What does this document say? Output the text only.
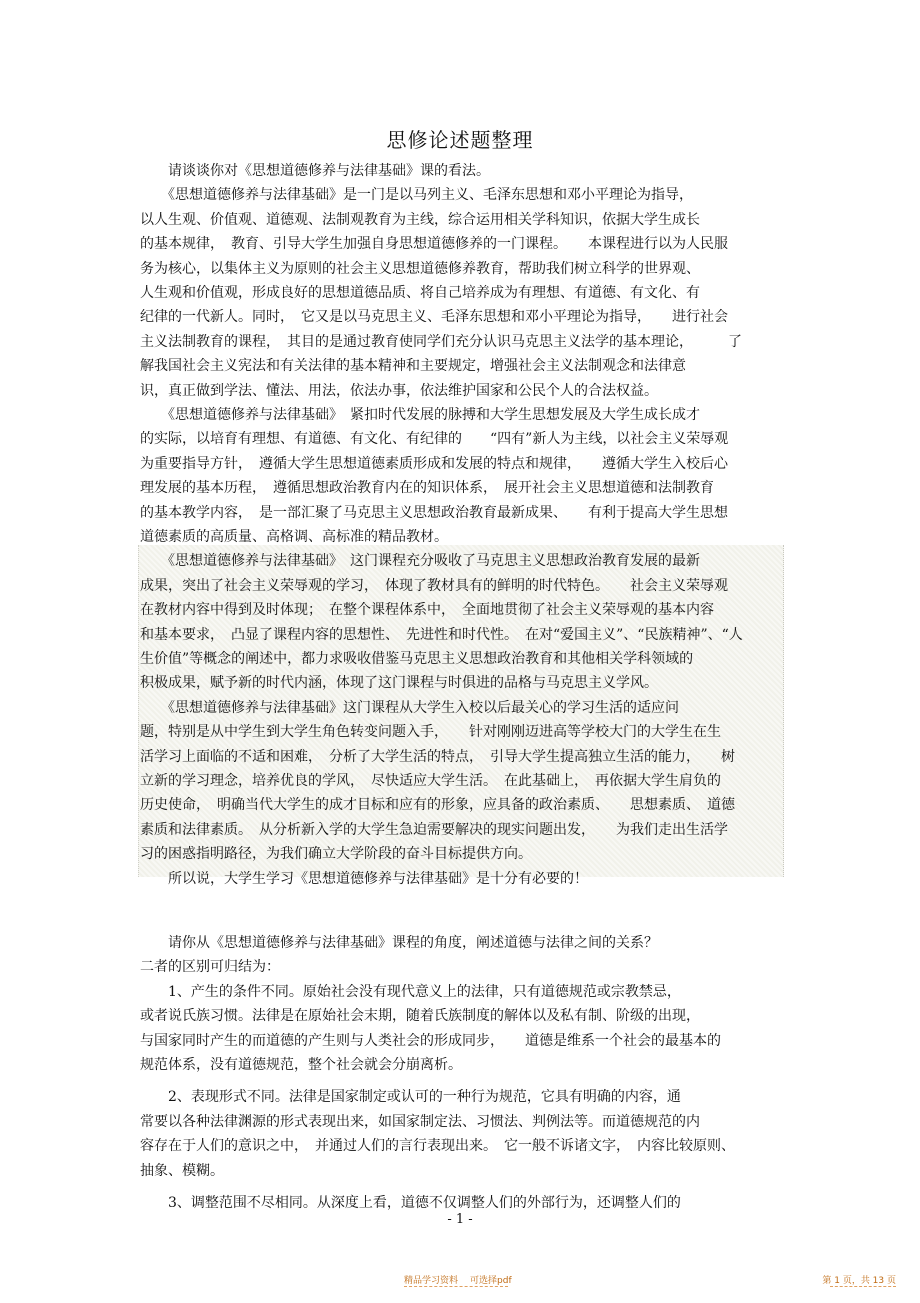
思修论述题整理
　　请谈谈你对《思想道德修养与法律基础》课的看法。
　　《思想道德修养与法律基础》是一门是以马列主义、毛泽东思想和邓小平理论为指导，
以人生观、价值观、道德观、法制观教育为主线，综合运用相关学科知识，依据大学生成长
的基本规律，　教育、引导大学生加强自身思想道德修养的一门课程。　　本课程进行以为人民服
务为核心，以集体主义为原则的社会主义思想道德修养教育，帮助我们树立科学的世界观、
人生观和价值观，形成良好的思想道德品质、将自己培养成为有理想、有道德、有文化、有
纪律的一代新人。同时，　它又是以马克思主义、毛泽东思想和邓小平理论为指导，　　进行社会
主义法制教育的课程，　其目的是通过教育使同学们充分认识马克思主义法学的基本理论，　　　了
解我国社会主义宪法和有关法律的基本精神和主要规定，增强社会主义法制观念和法律意
识，真正做到学法、懂法、用法，依法办事，依法维护国家和公民个人的合法权益。
　　《思想道德修养与法律基础》　紧扣时代发展的脉搏和大学生思想发展及大学生成长成才
的实际，以培育有理想、有道德、有文化、有纪律的　　“四有”新人为主线，以社会主义荣辱观
为重要指导方针，　遵循大学生思想道德素质形成和发展的特点和规律，　　遵循大学生入校后心
理发展的基本历程，　遵循思想政治教育内在的知识体系，　展开社会主义思想道德和法制教育
的基本教学内容，　是一部汇聚了马克思主义思想政治教育最新成果、　　有利于提高大学生思想
道德素质的高质量、高格调、高标准的精品教材。
　　《思想道德修养与法律基础》　这门课程充分吸收了马克思主义思想政治教育发展的最新
成果，突出了社会主义荣辱观的学习，　体现了教材具有的鲜明的时代特色。　　社会主义荣辱观
在教材内容中得到及时体现；　在整个课程体系中，　全面地贯彻了社会主义荣辱观的基本内容
和基本要求，　凸显了课程内容的思想性、　先进性和时代性。　在对“爱国主义”、“民族精神”、“人
生价值”等概念的阐述中，都力求吸收借鉴马克思主义思想政治教育和其他相关学科领域的
积极成果，赋予新的时代内涵，体现了这门课程与时俱进的品格与马克思主义学风。
　　《思想道德修养与法律基础》这门课程从大学生入校以后最关心的学习生活的适应问
题，特别是从中学生到大学生角色转变问题入手，　　针对刚刚迈进高等学校大门的大学生在生
活学习上面临的不适和困难，　分析了大学生活的特点，　引导大学生提高独立生活的能力，　　树
立新的学习理念，培养优良的学风，　尽快适应大学生活。　在此基础上，　再依据大学生肩负的
历史使命，　明确当代大学生的成才目标和应有的形象，应具备的政治素质、　　思想素质、　道德
素质和法律素质。　从分析新入学的大学生急迫需要解决的现实问题出发，　　为我们走出生活学
习的困惑指明路径，为我们确立大学阶段的奋斗目标提供方向。
　　所以说，大学生学习《思想道德修养与法律基础》是十分有必要的！
　　请你从《思想道德修养与法律基础》课程的角度，阐述道德与法律之间的关系？
二者的区别可归结为：
　　1、产生的条件不同。原始社会没有现代意义上的法律，只有道德规范或宗教禁忌，
或者说氏族习惯。法律是在原始社会末期，随着氏族制度的解体以及私有制、阶级的出现，
与国家同时产生的而道德的产生则与人类社会的形成同步，　　道德是维系一个社会的最基本的
规范体系，没有道德规范，整个社会就会分崩离析。
　　2、表现形式不同。法律是国家制定或认可的一种行为规范，它具有明确的内容，通
常要以各种法律渊源的形式表现出来，如国家制定法、习惯法、判例法等。而道德规范的内
容存在于人们的意识之中，　并通过人们的言行表现出来。　它一般不诉诸文字，　内容比较原则、
抽象、模糊。
　　3、调整范围不尽相同。从深度上看，道德不仅调整人们的外部行为，还调整人们的
- 1 -
精品学习资料 可选择pdf	第 1 页，共 13 页
